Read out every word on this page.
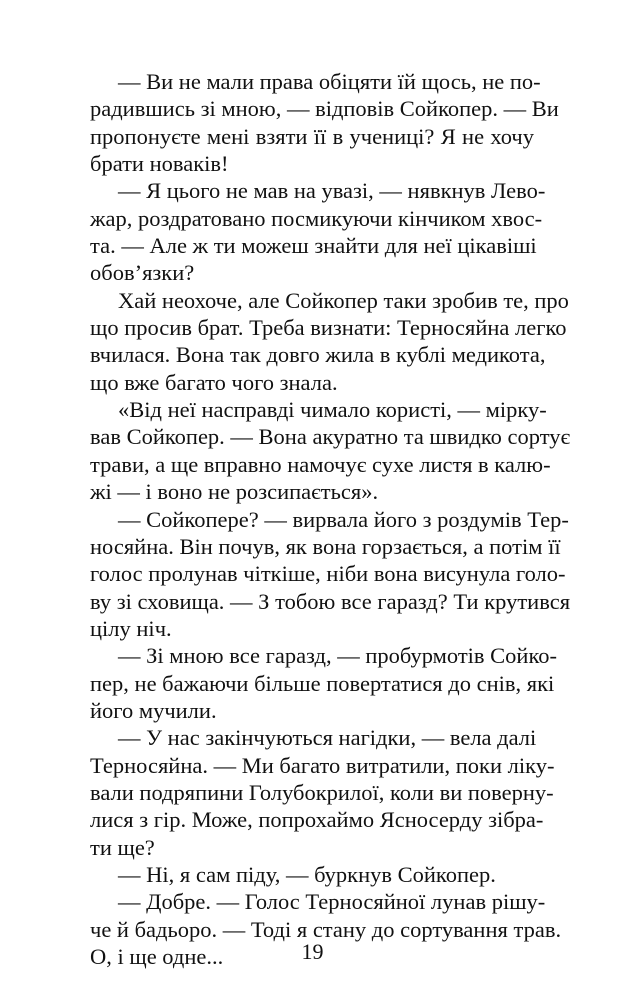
— Ви не мали права обіцяти їй щось, не по-
радившись зі мною, — відповів Сойкопер. — Ви
пропонуєте мені взяти її в учениці? Я не хочу
брати новаків!
— Я цього не мав на увазі, — нявкнув Лево-
жар, роздратовано посмикуючи кінчиком хвос-
та. — Але ж ти можеш знайти для неї цікавіші
обов’язки?
Хай неохоче, але Сойкопер таки зробив те, про
що просив брат. Треба визнати: Терносяйна легко
вчилася. Вона так довго жила в кублі медикота,
що вже багато чого знала.
«Від неї насправді чимало користі, — мірку-
вав Сойкопер. — Вона акуратно та швидко сортує
трави, а ще вправно намочує сухе листя в калю-
жі — і воно не розсипається».
— Сойкопере? — вирвала його з роздумів Тер-
носяйна. Він почув, як вона горзається, а потім її
голос пролунав чіткіше, ніби вона висунула голо-
ву зі сховища. — З тобою все гаразд? Ти крутився
цілу ніч.
— Зі мною все гаразд, — пробурмотів Сойко-
пер, не бажаючи більше повертатися до снів, які
його мучили.
— У нас закінчуються нагідки, — вела далі
Терносяйна. — Ми багато витратили, поки ліку-
вали подряпини Голубокрилої, коли ви повернy-
лися з гір. Може, попрохаймо Ясносерду зібра-
ти ще?
— Ні, я сам піду, — буркнув Сойкопер.
— Добре. — Голос Терносяйної лунав рішу-
че й бадьоро. — Тоді я стану до сортування трав.
О, і ще одне...	19
